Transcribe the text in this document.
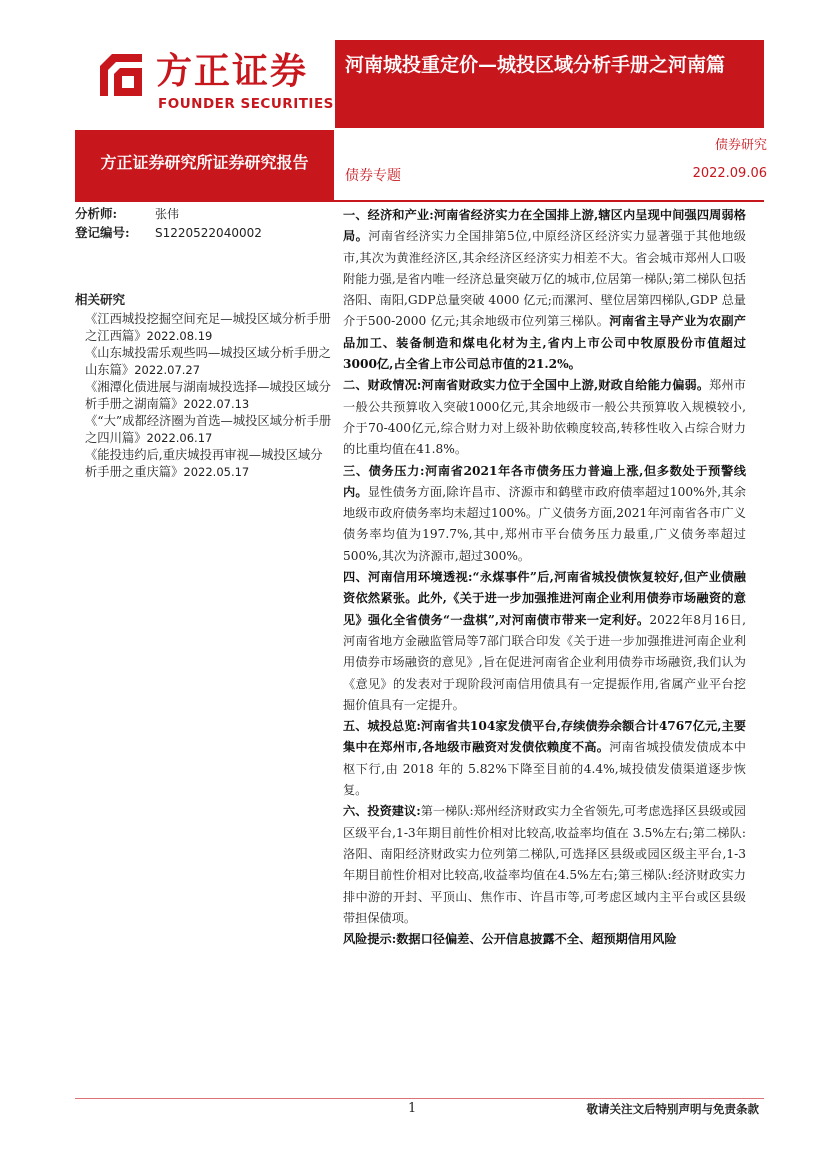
方正证券
FOUNDER SECURITIES
河南城投重定价—城投区域分析手册之河南篇
方正证券研究所证券研究报告
债券研究
债券专题	2022.09.06
分析师:	张伟
登记编号:	S1220522040002
相关研究
《江西城投挖掘空间充足—城投区域分析手册之江西篇》2022.08.19
《山东城投需乐观些吗—城投区域分析手册之山东篇》2022.07.27
《湘潭化债进展与湖南城投选择—城投区域分析手册之湖南篇》2022.07.13
《“大”成都经济圈为首选—城投区域分析手册之四川篇》2022.06.17
《能投违约后,重庆城投再审视—城投区域分析手册之重庆篇》2022.05.17

一、经济和产业:河南省经济实力在全国排上游,辖区内呈现中间强四周弱格局。河南省经济实力全国排第5位,中原经济区经济实力显著强于其他地级市,其次为黄淮经济区,其余经济区经济实力相差不大。省会城市郑州人口吸附能力强,是省内唯一经济总量突破万亿的城市,位居第一梯队;第二梯队包括洛阳、南阳,GDP总量突破 4000 亿元;而漯河、壁位居第四梯队,GDP 总量介于500-2000 亿元;其余地级市位列第三梯队。河南省主导产业为农副产品加工、装备制造和煤电化材为主,省内上市公司中牧原股份市值超过3000亿,占全省上市公司总市值的21.2%。

二、财政情况:河南省财政实力位于全国中上游,财政自给能力偏弱。郑州市一般公共预算收入突破1000亿元,其余地级市一般公共预算收入规模较小,介于70-400亿元,综合财力对上级补助依赖度较高,转移性收入占综合财力的比重均值在41.8%。

三、债务压力:河南省2021年各市债务压力普遍上涨,但多数处于预警线内。显性债务方面,除许昌市、济源市和鹤壁市政府债率超过100%外,其余地级市政府债务率均未超过100%。广义债务方面,2021年河南省各市广义债务率均值为197.7%,其中,郑州市平台债务压力最重,广义债务率超过 500%,其次为济源市,超过300%。

四、河南信用环境透视:“永煤事件”后,河南省城投债恢复较好,但产业债融资依然紧张。此外,《关于进一步加强推进河南企业利用债券市场融资的意见》强化全省债务“一盘棋”,对河南债市带来一定利好。2022年8月16日,河南省地方金融监管局等7部门联合印发《关于进一步加强推进河南企业利用债券市场融资的意见》,旨在促进河南省企业利用债券市场融资,我们认为《意见》的发表对于现阶段河南信用债具有一定提振作用,省属产业平台挖掘价值具有一定提升。

五、城投总览:河南省共104家发债平台,存续债券余额合计4767亿元,主要集中在郑州市,各地级市融资对发债依赖度不高。河南省城投债发债成本中枢下行,由 2018 年的 5.82%下降至目前的4.4%,城投债发债渠道逐步恢复。

六、投资建议:第一梯队:郑州经济财政实力全省领先,可考虑选择区县级或园区级平台,1-3年期目前性价相对比较高,收益率均值在 3.5%左右;第二梯队:洛阳、南阳经济财政实力位列第二梯队,可选择区县级或园区级主平台,1-3年期目前性价相对比较高,收益率均值在4.5%左右;第三梯队:经济财政实力排中游的开封、平顶山、焦作市、许昌市等,可考虑区域内主平台或区县级带担保债项。

风险提示:数据口径偏差、公开信息披露不全、超预期信用风险

1	敬请关注文后特别声明与免责条款
